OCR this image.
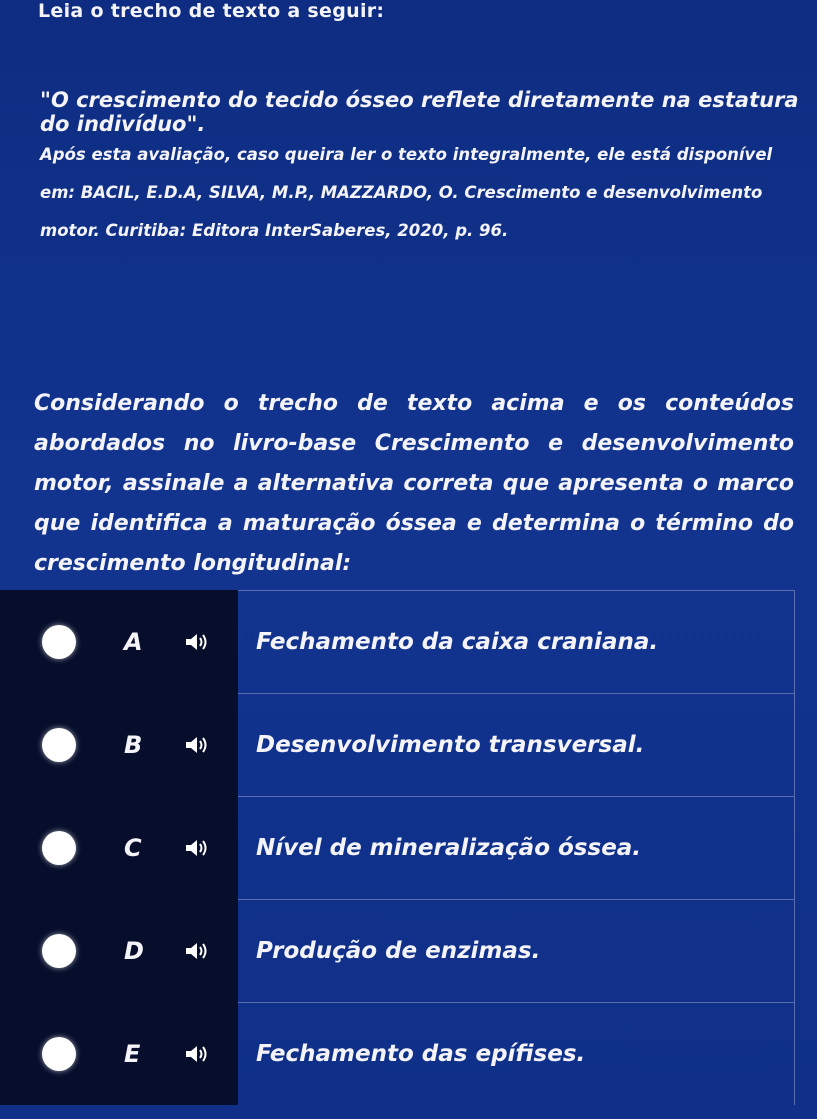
Leia o trecho de texto a seguir:
"O crescimento do tecido ósseo reflete diretamente na estatura do indivíduo".
Após esta avaliação, caso queira ler o texto integralmente, ele está disponível em: BACIL, E.D.A, SILVA, M.P., MAZZARDO, O. Crescimento e desenvolvimento motor. Curitiba: Editora InterSaberes, 2020, p. 96.
Considerando o trecho de texto acima e os conteúdos abordados no livro-base Crescimento e desenvolvimento motor, assinale a alternativa correta que apresenta o marco que identifica a maturação óssea e determina o término do crescimento longitudinal:
A	Fechamento da caixa craniana.
B	Desenvolvimento transversal.
C	Nível de mineralização óssea.
D	Produção de enzimas.
E	Fechamento das epífises.
